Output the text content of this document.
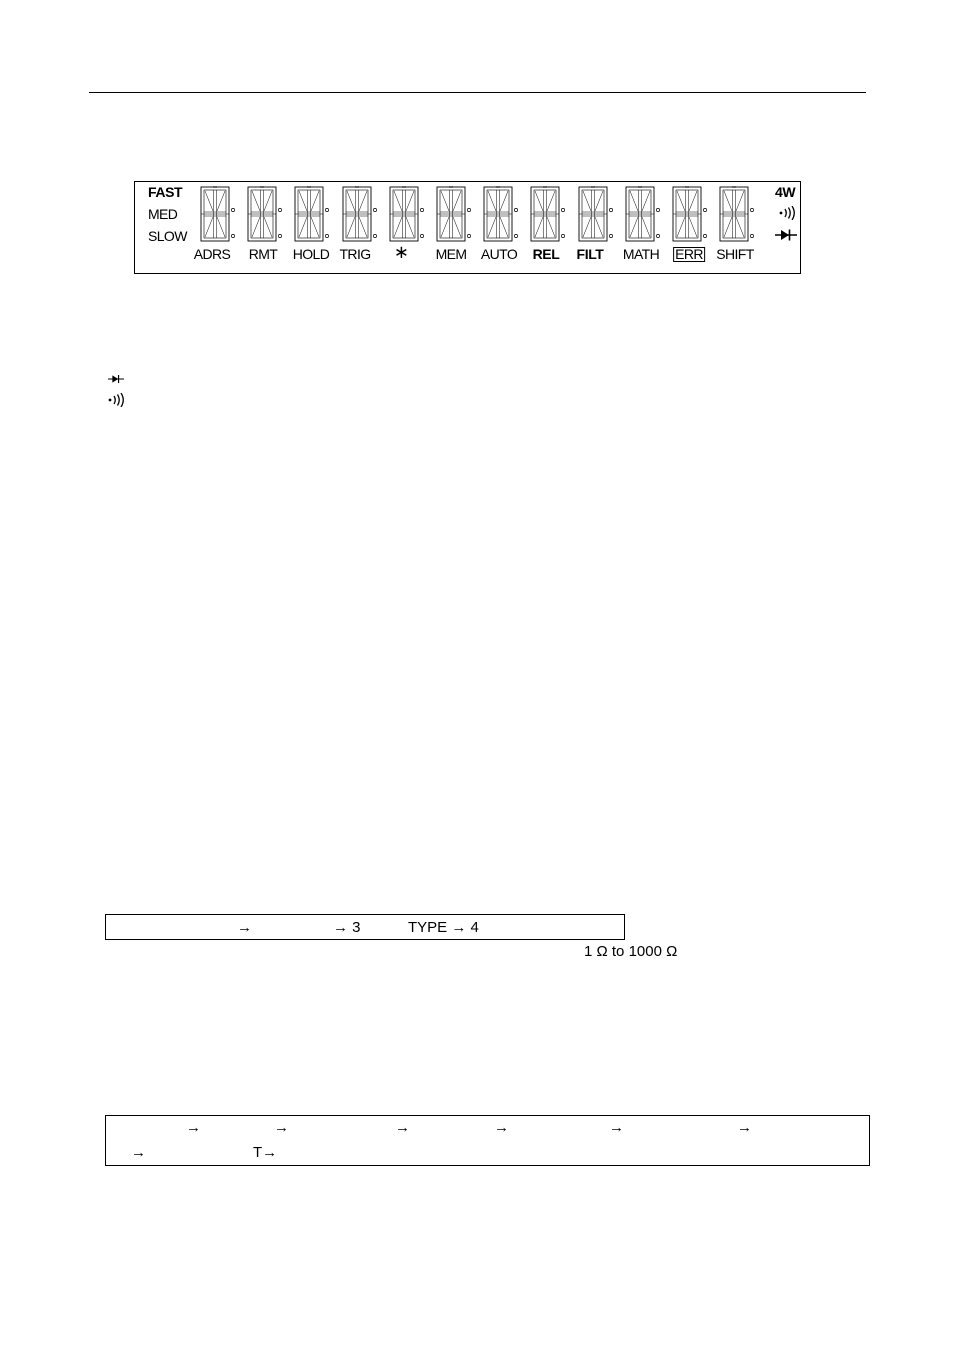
FAST
MED
SLOW
ADRS RMT HOLD TRIG ∗ MEM AUTO REL FILT MATH ERR SHIFT
4W
→	→ 3	TYPE → 4
1 Ω to 1000 Ω
→	→	→	→	→	→
→	T→
